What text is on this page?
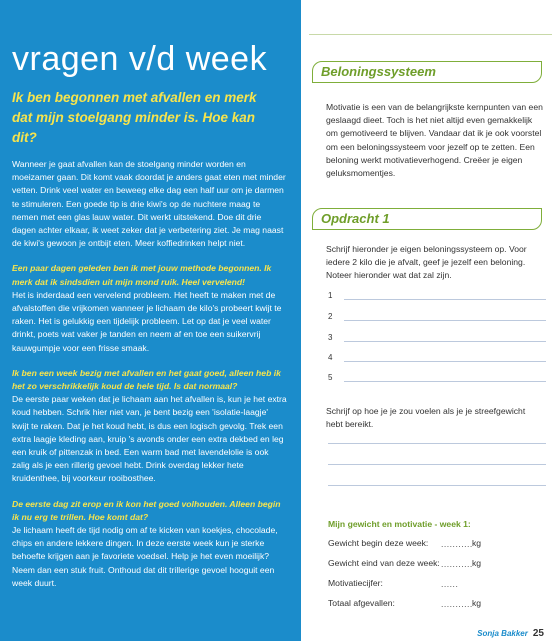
vragen v/d week
Ik ben begonnen met afvallen en merk dat mijn stoelgang minder is. Hoe kan dit?

Wanneer je gaat afvallen kan de stoelgang minder worden en moeizamer gaan. Dit komt vaak doordat je anders gaat eten met minder vetten. Drink veel water en beweeg elke dag een half uur om je darmen te stimuleren. Een goede tip is drie kiwi's op de nuchtere maag te nemen met een glas lauw water. Dit werkt uitstekend. Doe dit drie dagen achter elkaar, ik weet zeker dat je verbetering ziet. Je mag naast de kiwi's gewoon je ontbijt eten. Meer koffiedrinken helpt niet.

Een paar dagen geleden ben ik met jouw methode begonnen. Ik merk dat ik sindsdien uit mijn mond ruik. Heel vervelend!

Het is inderdaad een vervelend probleem. Het heeft te maken met de afvalstoffen die vrijkomen wanneer je lichaam de kilo's probeert kwijt te raken. Het is gelukkig een tijdelijk probleem. Let op dat je veel water drinkt, poets wat vaker je tanden en neem af en toe een suikervrij kauwgumpje voor een frisse smaak.

Ik ben een week bezig met afvallen en het gaat goed, alleen heb ik het zo verschrikkelijk koud de hele tijd. Is dat normaal?

De eerste paar weken dat je lichaam aan het afvallen is, kun je het extra koud hebben. Schrik hier niet van, je bent bezig een 'isolatie-laagje' kwijt te raken. Dat je het koud hebt, is dus een logisch gevolg. Trek een extra laagje kleding aan, kruip 's avonds onder een extra dekbed en leg een kruik of pittenzak in bed. Een warm bad met lavendelolie is ook zalig als je een rillerig gevoel hebt. Drink overdag lekker hete kruidenthee, bij voorkeur rooibosthee.

De eerste dag zit erop en ik kon het goed volhouden. Alleen begin ik nu erg te trillen. Hoe komt dat?

Je lichaam heeft de tijd nodig om af te kicken van koekjes, chocolade, chips en andere lekkere dingen. In deze eerste week kun je sterke behoefte krijgen aan je favoriete voedsel. Help je het even moeilijk? Neem dan een stuk fruit. Onthoud dat dit trillerige gevoel hooguit een week duurt.

Beloningssysteem
Motivatie is een van de belangrijkste kernpunten van een geslaagd dieet. Toch is het niet altijd even gemakkelijk om gemotiveerd te blijven. Vandaar dat ik je ook voorstel om een beloningssysteem voor jezelf op te zetten. Een beloning werkt motivatieverhogend. Creëer je eigen geluksmomentjes.
Opdracht 1
Schrijf hieronder je eigen beloningssysteem op. Voor iedere 2 kilo die je afvalt, geef je jezelf een beloning. Noteer hieronder wat dat zal zijn.
1
2
3
4
5
Schrijf op hoe je je zou voelen als je je streefgewicht hebt bereikt.
Mijn gewicht en motivatie - week 1:
Gewicht begin deze week: ........... kg
Gewicht eind van deze week: ........... kg
Motivatiecijfer:	......
Totaal afgevallen:	........... kg
Sonja Bakker 25
